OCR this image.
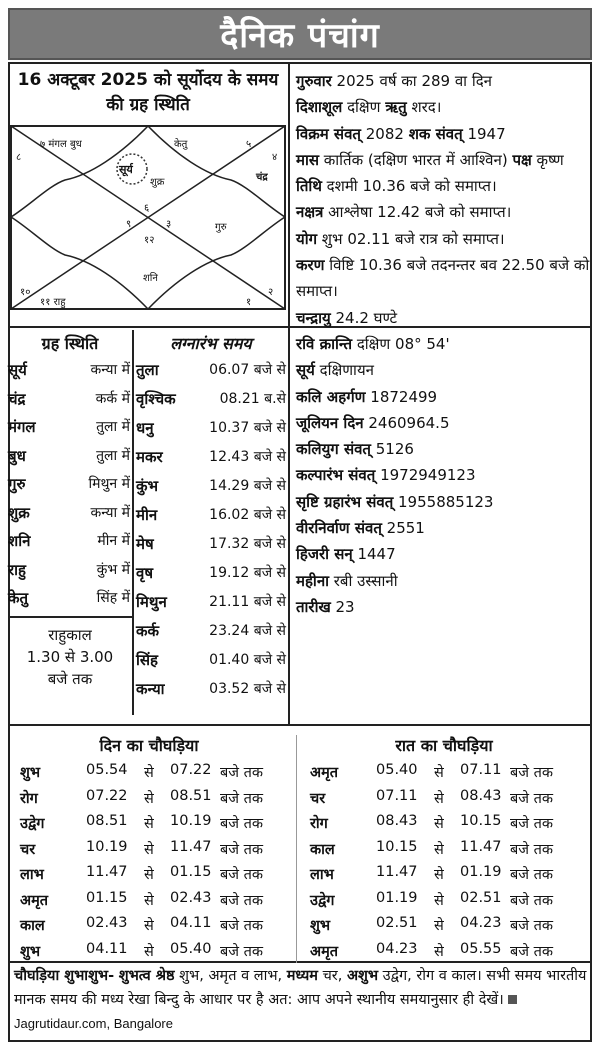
दैनिक पंचांग
16 अक्टूबर 2025 को सूर्योदय के समय की ग्रह स्थिति
७ मंगल बुध	केतु	५
४
चंद्र
सूर्य
शुक्र
६
९	३
१२
गुरु
शनि
१०	२
११ राहु	१
८
ग्रह स्थिति	लग्नारंभ समय
सूर्य	कन्या में
चंद्र	कर्क में
मंगल	तुला में
बुध	तुला में
गुरु	मिथुन में
शुक्र	कन्या में
शनि	मीन में
राहु	कुंभ में
केतु	सिंह में
तुला	06.07 बजे से
वृश्चिक	08.21 ब.से
धनु	10.37 बजे से
मकर	12.43 बजे से
कुंभ	14.29 बजे से
मीन	16.02 बजे से
मेष	17.32 बजे से
वृष	19.12 बजे से
मिथुन	21.11 बजे से
कर्क	23.24 बजे से
सिंह	01.40 बजे से
कन्या	03.52 बजे से
राहुकाल
1.30 से 3.00
बजे तक
गुरुवार 2025 वर्ष का 289 वा दिन
दिशाशूल दक्षिण ऋतु शरद।
विक्रम संवत् 2082 शक संवत् 1947
मास कार्तिक (दक्षिण भारत में आश्विन) पक्ष कृष्ण
तिथि दशमी 10.36 बजे को समाप्त।
नक्षत्र आश्लेषा 12.42 बजे को समाप्त।
योग शुभ 02.11 बजे रात्र को समाप्त।
करण विष्टि 10.36 बजे तदनन्तर बव 22.50 बजे को समाप्त।
चन्द्रायु 24.2 घण्टे
रवि क्रान्ति दक्षिण 08° 54'
सूर्य दक्षिणायन
कलि अहर्गण 1872499
जूलियन दिन 2460964.5
कलियुग संवत् 5126
कल्पारंभ संवत् 1972949123
सृष्टि ग्रहारंभ संवत् 1955885123
वीरनिर्वाण संवत् 2551
हिजरी सन् 1447
महीना रबी उस्सानी
तारीख 23
दिन का चौघड़िया	रात का चौघड़िया
शुभ	05.54 से 07.22 बजे तक
रोग	07.22 से 08.51 बजे तक
उद्वेग	08.51 से 10.19 बजे तक
चर	10.19 से 11.47 बजे तक
लाभ	11.47 से 01.15 बजे तक
अमृत	01.15 से 02.43 बजे तक
काल	02.43 से 04.11 बजे तक
शुभ	04.11 से 05.40 बजे तक
अमृत	05.40 से 07.11 बजे तक
चर	07.11 से 08.43 बजे तक
रोग	08.43 से 10.15 बजे तक
काल	10.15 से 11.47 बजे तक
लाभ	11.47 से 01.19 बजे तक
उद्वेग	01.19 से 02.51 बजे तक
शुभ	02.51 से 04.23 बजे तक
अमृत	04.23 से 05.55 बजे तक
चौघड़िया शुभाशुभ- शुभत्व श्रेष्ठ शुभ, अमृत व लाभ, मध्यम चर, अशुभ उद्वेग, रोग व काल। सभी समय भारतीय मानक समय की मध्य रेखा बिन्दु के आधार पर है अत: आप अपने स्थानीय समयानुसार ही देखें। Jagrutidaur.com, Bangalore
